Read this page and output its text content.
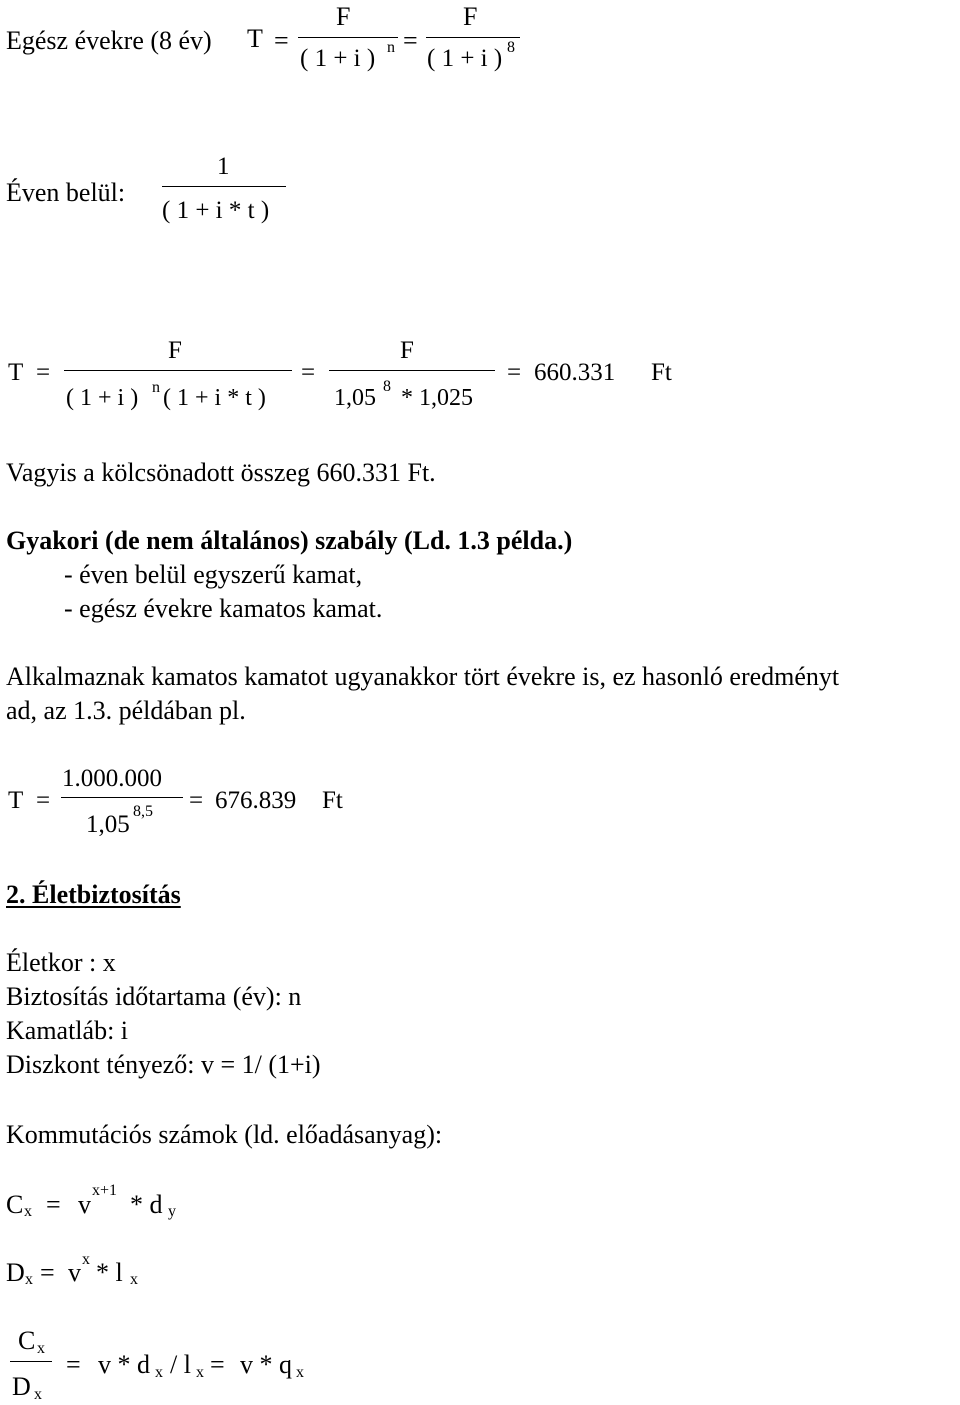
Egész évekre (8 év) T =
F
( 1 + i ) n =
F
( 1 + i ) 8
Éven belül:
1
( 1 + i * t )
T =
F
( 1 + i ) n ( 1 + i * t )
=
F
1,05 8 * 1,025
= 660.331 Ft
Vagyis a kölcsönadott összeg 660.331 Ft.
Gyakori (de nem általános) szabály (Ld. 1.3 példa.)
- éven belül egyszerű kamat,
- egész évekre kamatos kamat.
Alkalmaznak kamatos kamatot ugyanakkor tört évekre is, ez hasonló eredményt
ad, az 1.3. példában pl.
T =
1.000.000
1,05 8,5 = 676.839 Ft
2. Életbiztosítás
Életkor : x
Biztosítás időtartama (év): n
Kamatláb: i
Diszkont tényező: v = 1/ (1+i)
Kommutációs számok (ld. előadásanyag):
C x = v x+1 * d y
D x = v x * l x
C x
D x
= v * d x / l x = v * q x
